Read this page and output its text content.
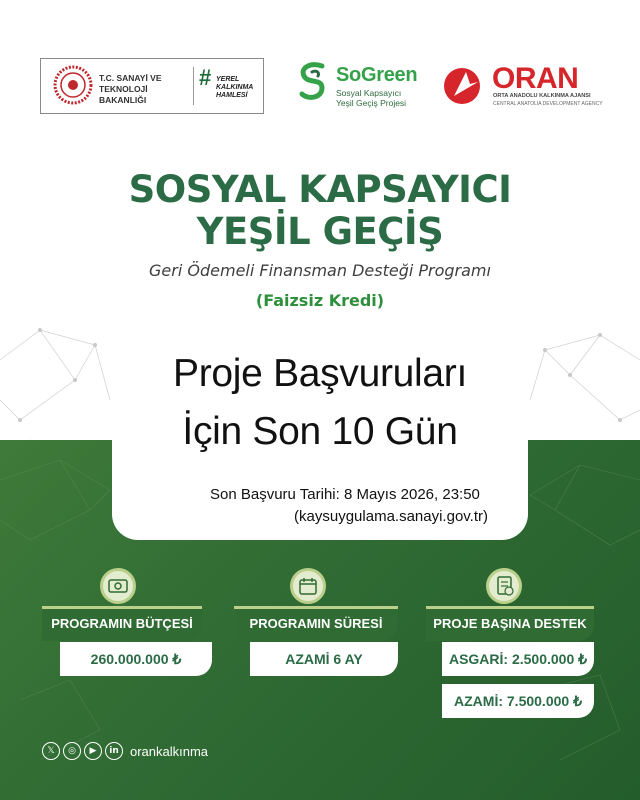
T.C. SANAYİ VE TEKNOLOJİ BAKANLIĞI
# YEREL KALKINMA HAMLESİ
SoGreen
Sosyal Kapsayıcı
Yeşil Geçiş Projesi
ORAN
ORTA ANADOLU KALKINMA AJANSI
CENTRAL ANATOLIA DEVELOPMENT AGENCY
SOSYAL KAPSAYICI
YEŞİL GEÇİŞ
Geri Ödemeli Finansman Desteği Programı
(Faizsiz Kredi)
Proje Başvuruları
İçin Son 10 Gün
Son Başvuru Tarihi: 8 Mayıs 2026, 23:50
(kaysuygulama.sanayi.gov.tr)
PROGRAMIN BÜTÇESİ
260.000.000 ₺
PROGRAMIN SÜRESİ
AZAMİ 6 AY
PROJE BAŞINA DESTEK
ASGARİ: 2.500.000 ₺
AZAMİ: 7.500.000 ₺
𝕏	◎	▶	in orankalkınma
